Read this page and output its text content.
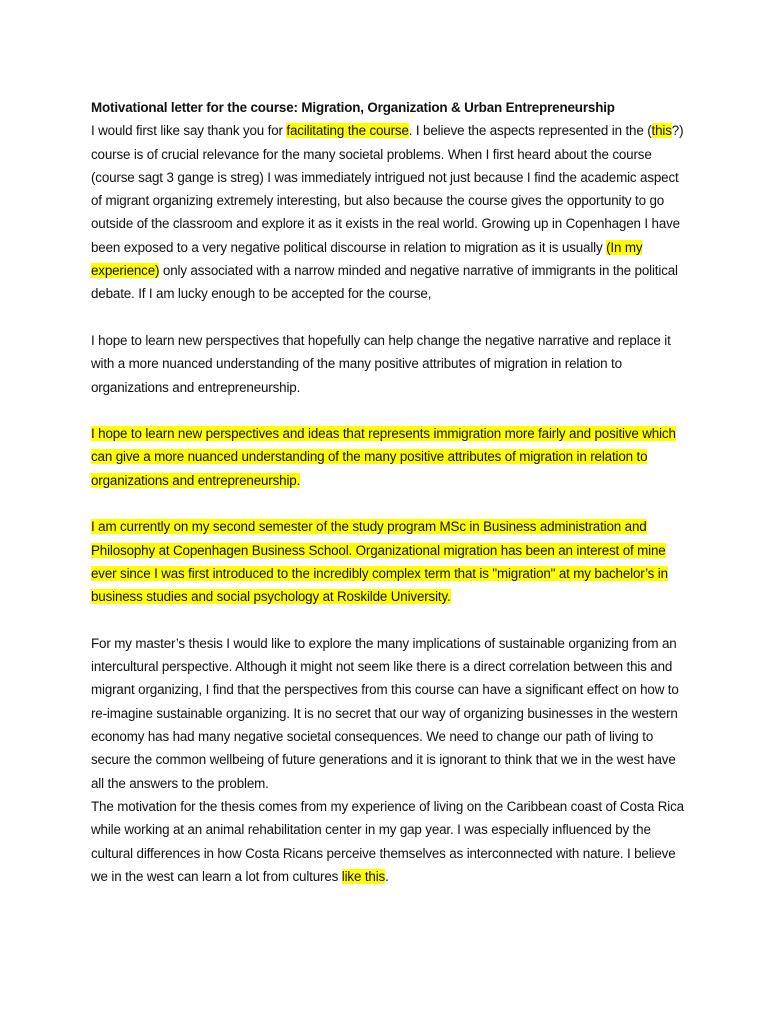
Motivational letter for the course: Migration, Organization & Urban Entrepreneurship

I would first like say thank you for facilitating the course. I believe the aspects represented in the (this?) course is of crucial relevance for the many societal problems. When I first heard about the course (course sagt 3 gange is streg) I was immediately intrigued not just because I find the academic aspect of migrant organizing extremely interesting, but also because the course gives the opportunity to go outside of the classroom and explore it as it exists in the real world. Growing up in Copenhagen I have been exposed to a very negative political discourse in relation to migration as it is usually (In my experience) only associated with a narrow minded and negative narrative of immigrants in the political debate. If I am lucky enough to be accepted for the course,

I hope to learn new perspectives that hopefully can help change the negative narrative and replace it with a more nuanced understanding of the many positive attributes of migration in relation to organizations and entrepreneurship.

I hope to learn new perspectives and ideas that represents immigration more fairly and positive which can give a more nuanced understanding of the many positive attributes of migration in relation to organizations and entrepreneurship.

I am currently on my second semester of the study program MSc in Business administration and Philosophy at Copenhagen Business School. Organizational migration has been an interest of mine ever since I was first introduced to the incredibly complex term that is "migration" at my bachelor’s in business studies and social psychology at Roskilde University.

For my master’s thesis I would like to explore the many implications of sustainable organizing from an intercultural perspective. Although it might not seem like there is a direct correlation between this and migrant organizing, I find that the perspectives from this course can have a significant effect on how to re-imagine sustainable organizing. It is no secret that our way of organizing businesses in the western economy has had many negative societal consequences. We need to change our path of living to secure the common wellbeing of future generations and it is ignorant to think that we in the west have all the answers to the problem.

The motivation for the thesis comes from my experience of living on the Caribbean coast of Costa Rica while working at an animal rehabilitation center in my gap year. I was especially influenced by the cultural differences in how Costa Ricans perceive themselves as interconnected with nature. I believe we in the west can learn a lot from cultures like this.
